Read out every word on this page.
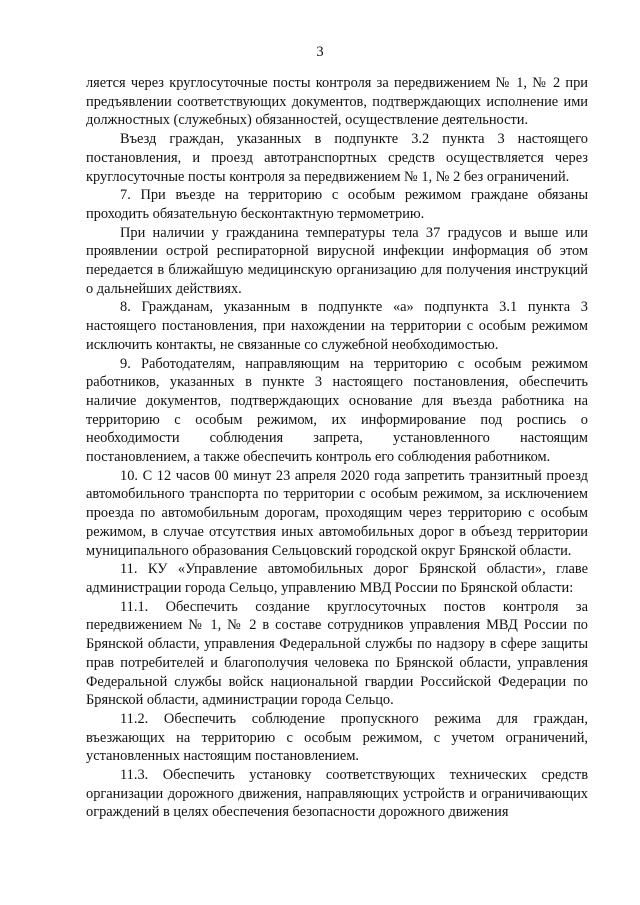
3

ляется через круглосуточные посты контроля за передвижением № 1, № 2 при предъявлении соответствующих документов, подтверждающих исполнение ими должностных (служебных) обязанностей, осуществление деятельности.

Въезд граждан, указанных в подпункте 3.2 пункта 3 настоящего постановления, и проезд автотранспортных средств осуществляется через круглосуточные посты контроля за передвижением № 1, № 2 без ограничений.

7. При въезде на территорию с особым режимом граждане обязаны проходить обязательную бесконтактную термометрию.

При наличии у гражданина температуры тела 37 градусов и выше или проявлении острой респираторной вирусной инфекции информация об этом передается в ближайшую медицинскую организацию для получения инструкций о дальнейших действиях.

8. Гражданам, указанным в подпункте «а» подпункта 3.1 пункта 3 настоящего постановления, при нахождении на территории с особым режимом исключить контакты, не связанные со служебной необходимостью.

9. Работодателям, направляющим на территорию с особым режимом работников, указанных в пункте 3 настоящего постановления, обеспечить наличие документов, подтверждающих основание для въезда работника на территорию с особым режимом, их информирование под роспись о необходимости соблюдения запрета, установленного настоящим постановлением, а также обеспечить контроль его соблюдения работником.

10. С 12 часов 00 минут 23 апреля 2020 года запретить транзитный проезд автомобильного транспорта по территории с особым режимом, за исключением проезда по автомобильным дорогам, проходящим через территорию с особым режимом, в случае отсутствия иных автомобильных дорог в объезд территории муниципального образования Сельцовский городской округ Брянской области.

11. КУ «Управление автомобильных дорог Брянской области», главе администрации города Сельцо, управлению МВД России по Брянской области:

11.1. Обеспечить создание круглосуточных постов контроля за передвижением № 1, № 2 в составе сотрудников управления МВД России по Брянской области, управления Федеральной службы по надзору в сфере защиты прав потребителей и благополучия человека по Брянской области, управления Федеральной службы войск национальной гвардии Российской Федерации по Брянской области, администрации города Сельцо.

11.2. Обеспечить соблюдение пропускного режима для граждан, въезжающих на территорию с особым режимом, с учетом ограничений, установленных настоящим постановлением.

11.3. Обеспечить установку соответствующих технических средств организации дорожного движения, направляющих устройств и ограничивающих ограждений в целях обеспечения безопасности дорожного движения
